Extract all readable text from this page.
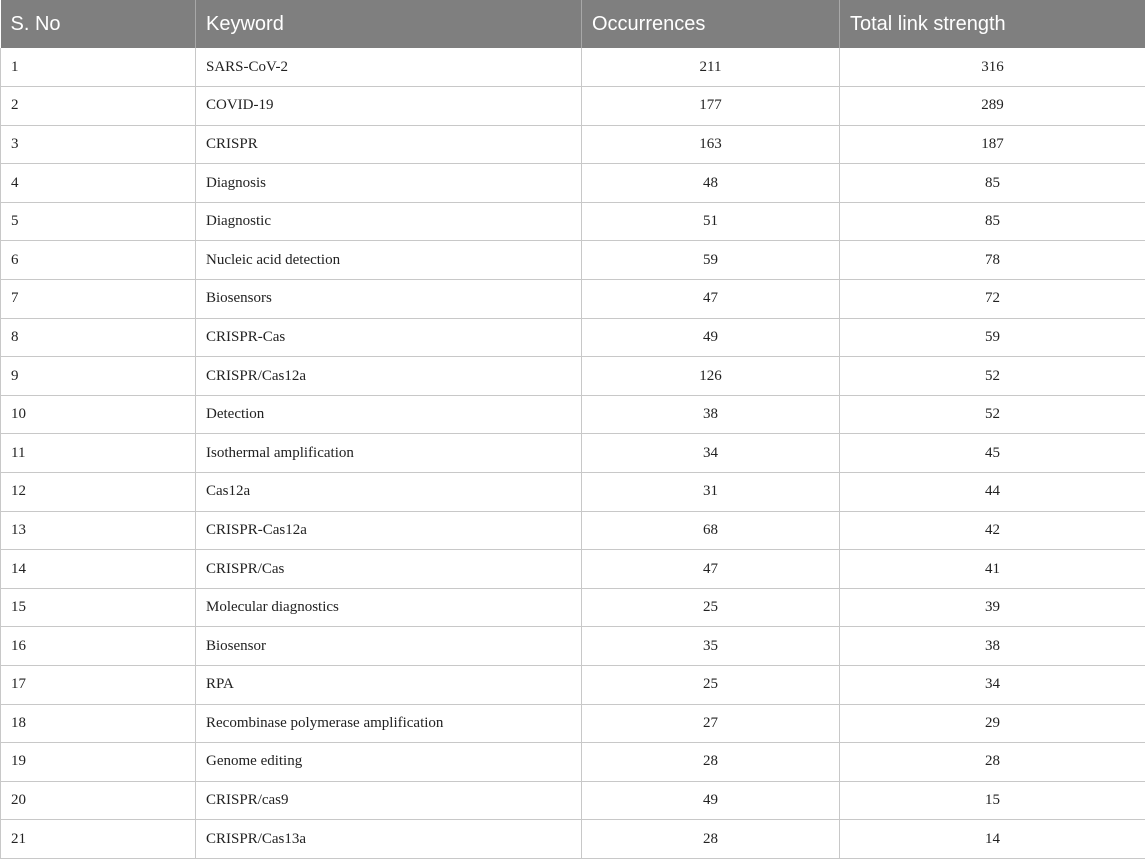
S. No	Keyword	Occurrences	Total link strength
1	SARS-CoV-2	211	316
2	COVID-19	177	289
3	CRISPR	163	187
4	Diagnosis	48	85
5	Diagnostic	51	85
6	Nucleic acid detection	59	78
7	Biosensors	47	72
8	CRISPR-Cas	49	59
9	CRISPR/Cas12a	126	52
10	Detection	38	52
11	Isothermal amplification	34	45
12	Cas12a	31	44
13	CRISPR-Cas12a	68	42
14	CRISPR/Cas	47	41
15	Molecular diagnostics	25	39
16	Biosensor	35	38
17	RPA	25	34
18	Recombinase polymerase amplification	27	29
19	Genome editing	28	28
20	CRISPR/cas9	49	15
21	CRISPR/Cas13a	28	14
